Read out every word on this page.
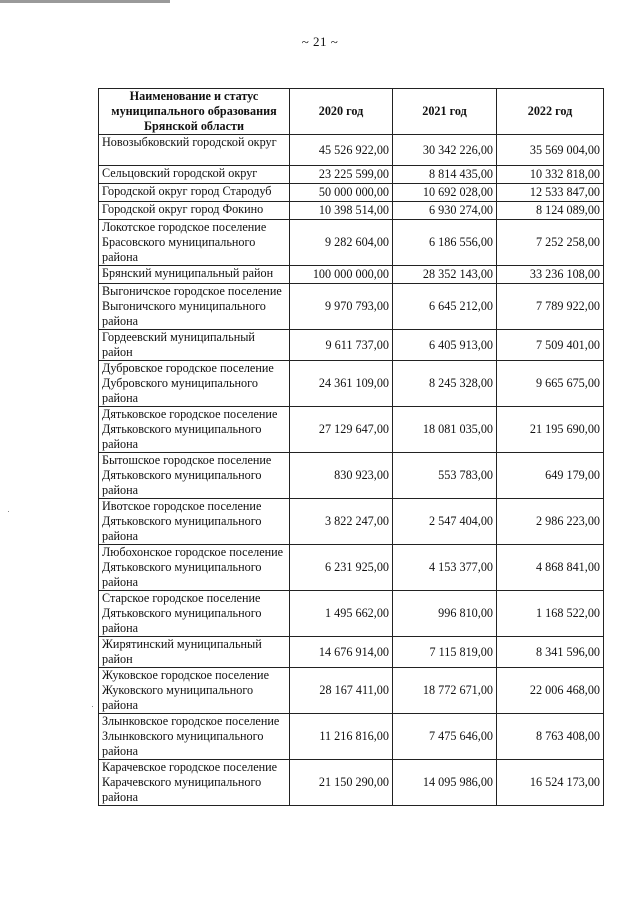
~ 21 ~
Наименование и статус муниципального образования Брянской области	2020 год	2021 год	2022 год
Новозыбковский городской округ	45 526 922,00	30 342 226,00	35 569 004,00
Сельцовский городской округ	23 225 599,00	8 814 435,00	10 332 818,00
Городской округ город Стародуб	50 000 000,00	10 692 028,00	12 533 847,00
Городской округ город Фокино	10 398 514,00	6 930 274,00	8 124 089,00
Локотское городское поселение Брасовского муниципального района	9 282 604,00	6 186 556,00	7 252 258,00
Брянский муниципальный район	100 000 000,00	28 352 143,00	33 236 108,00
Выгоничское городское поселение Выгоничского муниципального района	9 970 793,00	6 645 212,00	7 789 922,00
Гордеевский муниципальный район	9 611 737,00	6 405 913,00	7 509 401,00
Дубровское городское поселение Дубровского муниципального района	24 361 109,00	8 245 328,00	9 665 675,00
Дятьковское городское поселение Дятьковского муниципального района	27 129 647,00	18 081 035,00	21 195 690,00
Бытошское городское поселение Дятьковского муниципального района	830 923,00	553 783,00	649 179,00
Ивотское городское поселение Дятьковского муниципального района	3 822 247,00	2 547 404,00	2 986 223,00
Любохонское городское поселение Дятьковского муниципального района	6 231 925,00	4 153 377,00	4 868 841,00
Старское городское поселение Дятьковского муниципального района	1 495 662,00	996 810,00	1 168 522,00
Жирятинский муниципальный район	14 676 914,00	7 115 819,00	8 341 596,00
Жуковское городское поселение Жуковского муниципального района	28 167 411,00	18 772 671,00	22 006 468,00
Злынковское городское поселение Злынковского муниципального района	11 216 816,00	7 475 646,00	8 763 408,00
Карачевское городское поселение Карачевского муниципального района	21 150 290,00	14 095 986,00	16 524 173,00
